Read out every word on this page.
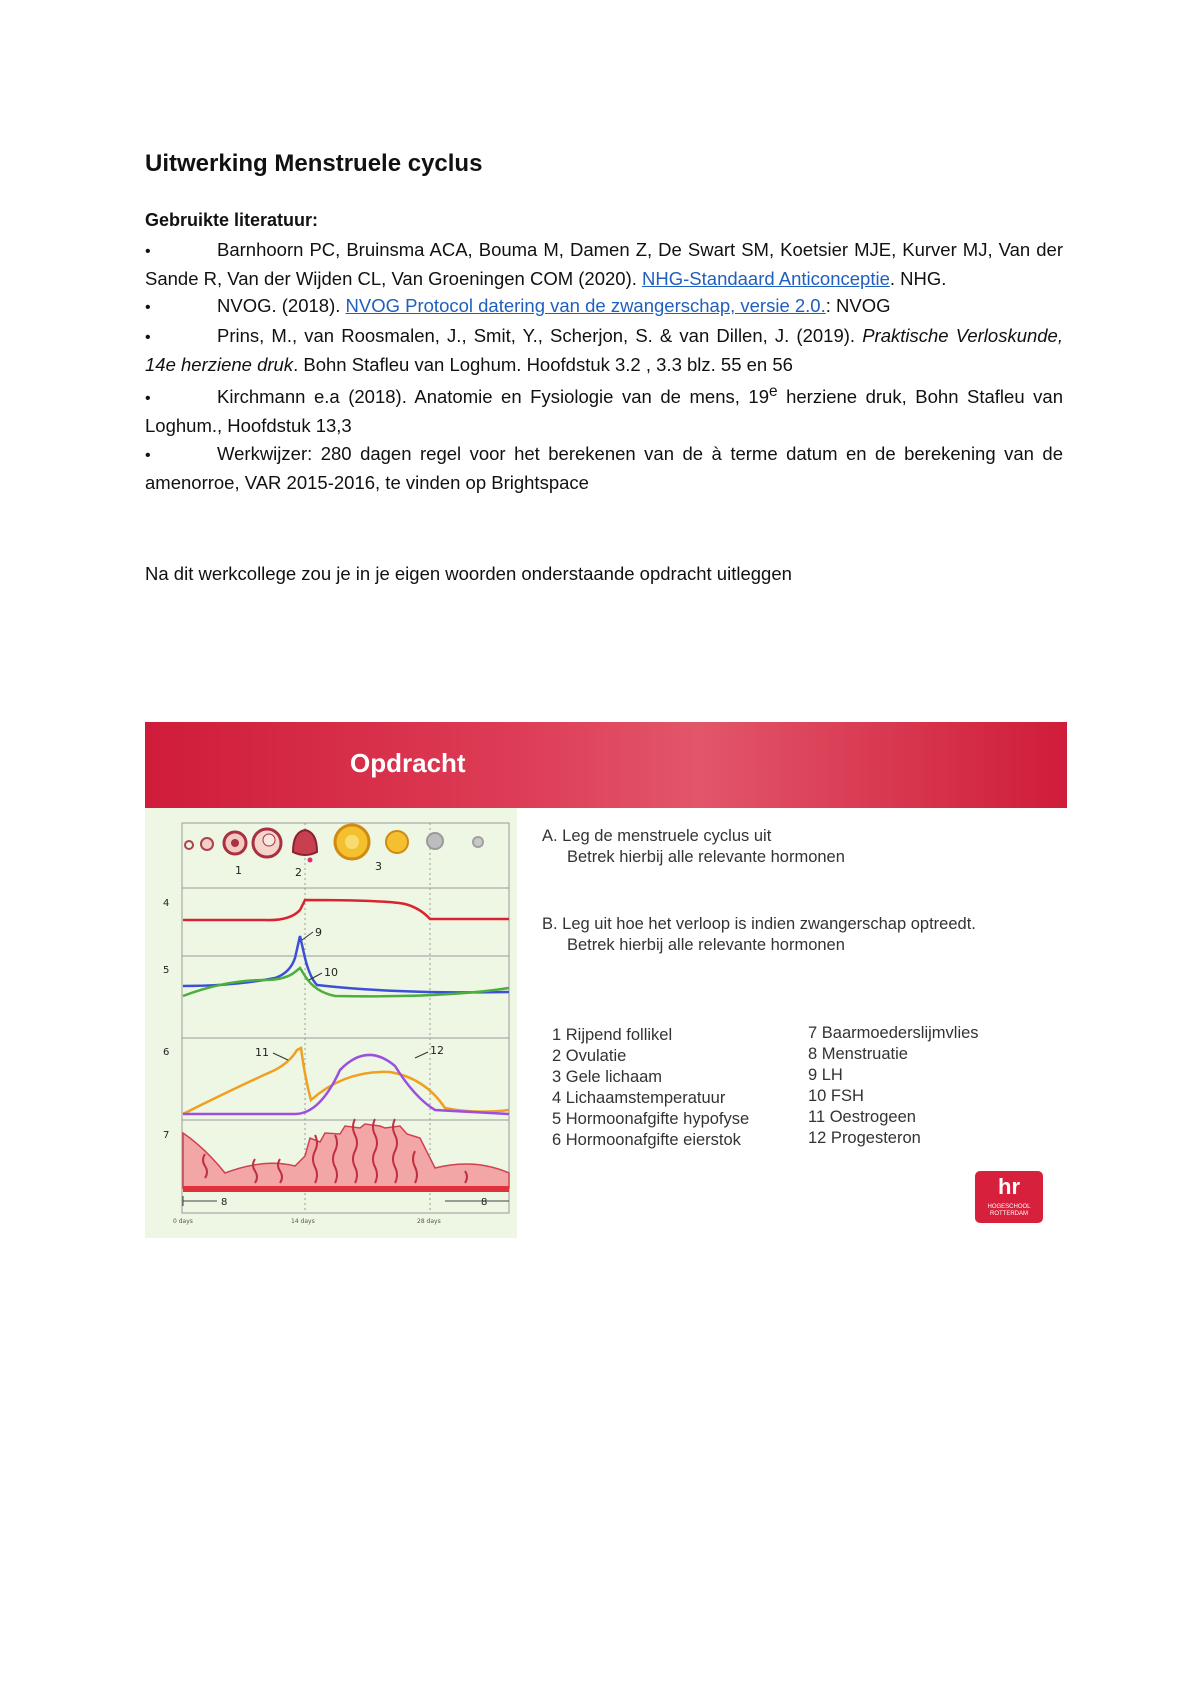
Uitwerking Menstruele cyclus
Gebruikte literatuur:
•	Barnhoorn PC, Bruinsma ACA, Bouma M, Damen Z, De Swart SM, Koetsier MJE, Kurver MJ, Van der Sande R, Van der Wijden CL, Van Groeningen COM (2020). NHG-Standaard Anticonceptie. NHG.
•	NVOG. (2018). NVOG Protocol datering van de zwangerschap, versie 2.0.: NVOG
•	Prins, M., van Roosmalen, J., Smit, Y., Scherjon, S. & van Dillen, J. (2019). Praktische Verloskunde, 14e herziene druk. Bohn Stafleu van Loghum. Hoofdstuk 3.2 , 3.3 blz. 55 en 56
•	Kirchmann e.a (2018). Anatomie en Fysiologie van de mens, 19e herziene druk, Bohn Stafleu van Loghum., Hoofdstuk 13,3
•	Werkwijzer: 280 dagen regel voor het berekenen van de à terme datum en de berekening van de amenorroe, VAR 2015-2016, te vinden op Brightspace
Na dit werkcollege zou je in je eigen woorden onderstaande opdracht uitleggen
Opdracht
1	2	3
4
5
6
7
9
10
11	12
8	8
0 days	14 days	28 days
A. Leg de menstruele cyclus uit
Betrek hierbij alle relevante hormonen
B. Leg uit hoe het verloop is indien zwangerschap optreedt.
Betrek hierbij alle relevante hormonen
1 Rijpend follikel
2 Ovulatie
3 Gele lichaam
4 Lichaamstemperatuur
5 Hormoonafgifte hypofyse
6 Hormoonafgifte eierstok
7 Baarmoederslijmvlies
8 Menstruatie
9 LH
10 FSH
11 Oestrogeen
12 Progesteron
hr
HOGESCHOOL ROTTERDAM
